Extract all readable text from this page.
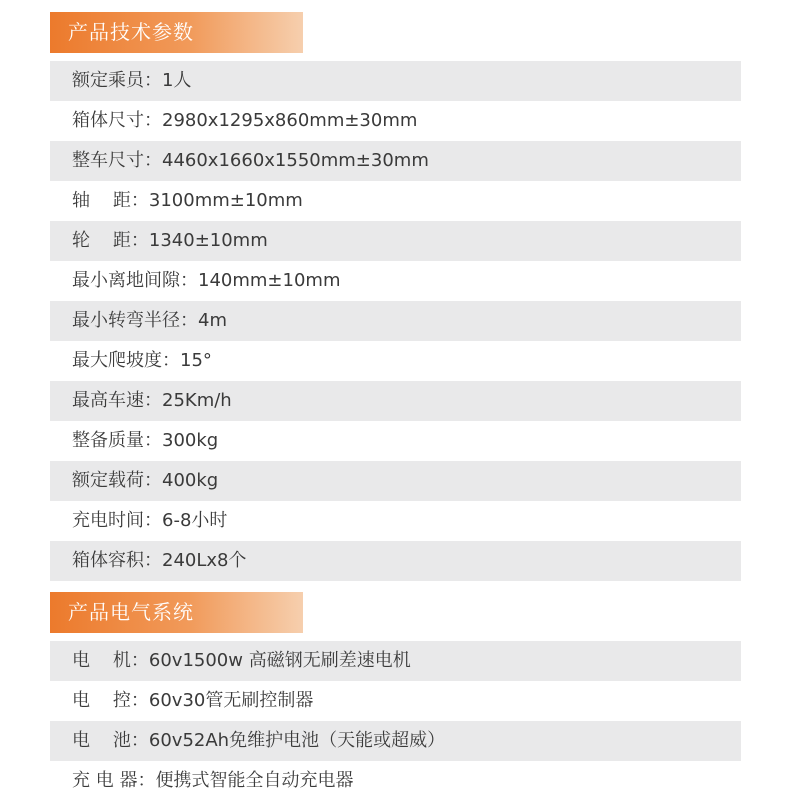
产品技术参数
额定乘员：1人
箱体尺寸：2980x1295x860mm±30mm
整车尺寸：4460x1660x1550mm±30mm
轴    距：3100mm±10mm
轮    距：1340±10mm
最小离地间隙：140mm±10mm
最小转弯半径：4m
最大爬坡度：15°
最高车速：25Km/h
整备质量：300kg
额定载荷：400kg
充电时间：6-8小时
箱体容积：240Lx8个
产品电气系统
电    机：60v1500w 高磁钢无刷差速电机
电    控：60v30管无刷控制器
电    池：60v52Ah免维护电池（天能或超威）
充 电 器：便携式智能全自动充电器
